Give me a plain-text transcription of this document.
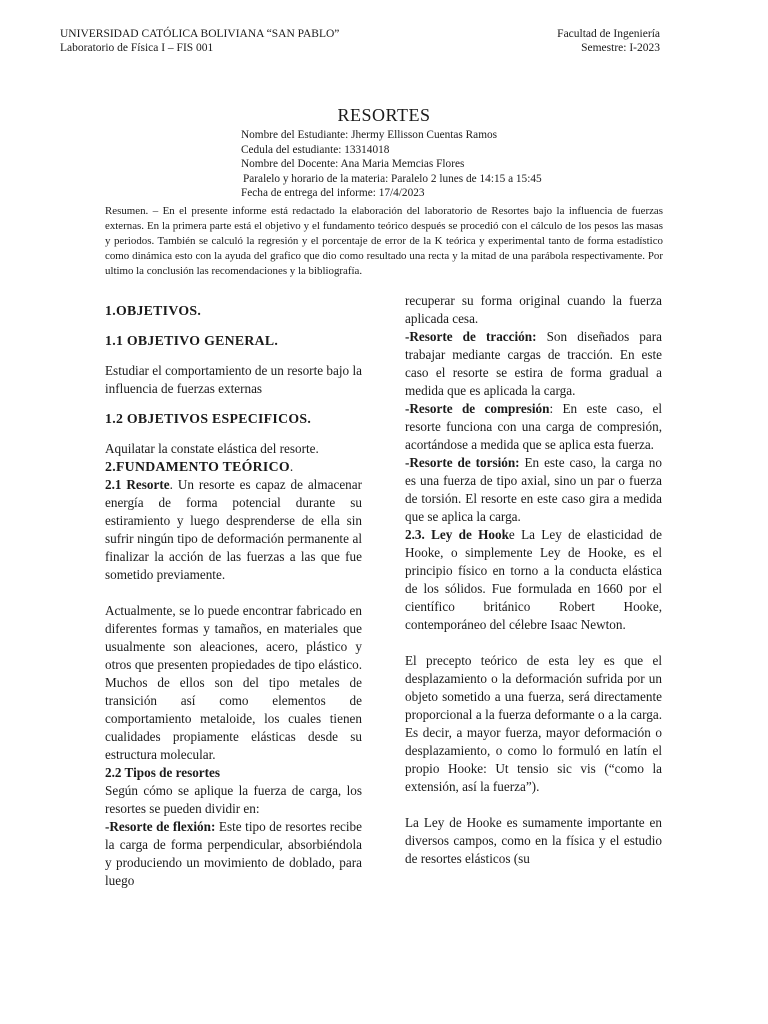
UNIVERSIDAD CATÓLICA BOLIVIANA “SAN PABLO”
Laboratorio de Física I – FIS 001
Facultad de Ingeniería
Semestre: I-2023
RESORTES
Nombre del Estudiante: Jhermy Ellisson Cuentas Ramos
Cedula del estudiante: 13314018
Nombre del Docente: Ana Maria Memcias Flores
Paralelo y horario de la materia: Paralelo 2 lunes de 14:15 a 15:45
Fecha de entrega del informe: 17/4/2023
Resumen. – En el presente informe está redactado la elaboración del laboratorio de Resortes bajo la influencia de fuerzas externas. En la primera parte está el objetivo y el fundamento teórico después se procedió con el cálculo de los pesos las masas y periodos. También se calculó la regresión y el porcentaje de error de la K teórica y experimental tanto de forma estadístico como dinámica esto con la ayuda del grafico que dio como resultado una recta y la mitad de una parábola respectivamente. Por ultimo la conclusión las recomendaciones y la bibliografía.

1.OBJETIVOS.

1.1 OBJETIVO GENERAL.

Estudiar el comportamiento de un resorte bajo la influencia de fuerzas externas

1.2 OBJETIVOS ESPECIFICOS.

Aquilatar la constate elástica del resorte.

2.FUNDAMENTO TEÓRICO.

2.1 Resorte. Un resorte es capaz de almacenar energía de forma potencial durante su estiramiento y luego desprenderse de ella sin sufrir ningún tipo de deformación permanente al finalizar la acción de las fuerzas a las que fue sometido previamente.

Actualmente, se lo puede encontrar fabricado en diferentes formas y tamaños, en materiales que usualmente son aleaciones, acero, plástico y otros que presenten propiedades de tipo elástico. Muchos de ellos son del tipo metales de transición así como elementos de comportamiento metaloide, los cuales tienen cualidades propiamente elásticas desde su estructura molecular.

2.2 Tipos de resortes

Según cómo se aplique la fuerza de carga, los resortes se pueden dividir en:

-Resorte de flexión: Este tipo de resortes recibe la carga de forma perpendicular, absorbiéndola y produciendo un movimiento de doblado, para luego

recuperar su forma original cuando la fuerza aplicada cesa.

-Resorte de tracción: Son diseñados para trabajar mediante cargas de tracción. En este caso el resorte se estira de forma gradual a medida que es aplicada la carga.

-Resorte de compresión: En este caso, el resorte funciona con una carga de compresión, acortándose a medida que se aplica esta fuerza.

-Resorte de torsión: En este caso, la carga no es una fuerza de tipo axial, sino un par o fuerza de torsión. El resorte en este caso gira a medida que se aplica la carga.

2.3. Ley de Hooke La Ley de elasticidad de Hooke, o simplemente Ley de Hooke, es el principio físico en torno a la conducta elástica de los sólidos. Fue formulada en 1660 por el científico británico Robert Hooke, contemporáneo del célebre Isaac Newton.

El precepto teórico de esta ley es que el desplazamiento o la deformación sufrida por un objeto sometido a una fuerza, será directamente proporcional a la fuerza deformante o a la carga. Es decir, a mayor fuerza, mayor deformación o desplazamiento, o como lo formuló en latín el propio Hooke: Ut tensio sic vis (“como la extensión, así la fuerza”).

La Ley de Hooke es sumamente importante en diversos campos, como en la física y el estudio de resortes elásticos (su
